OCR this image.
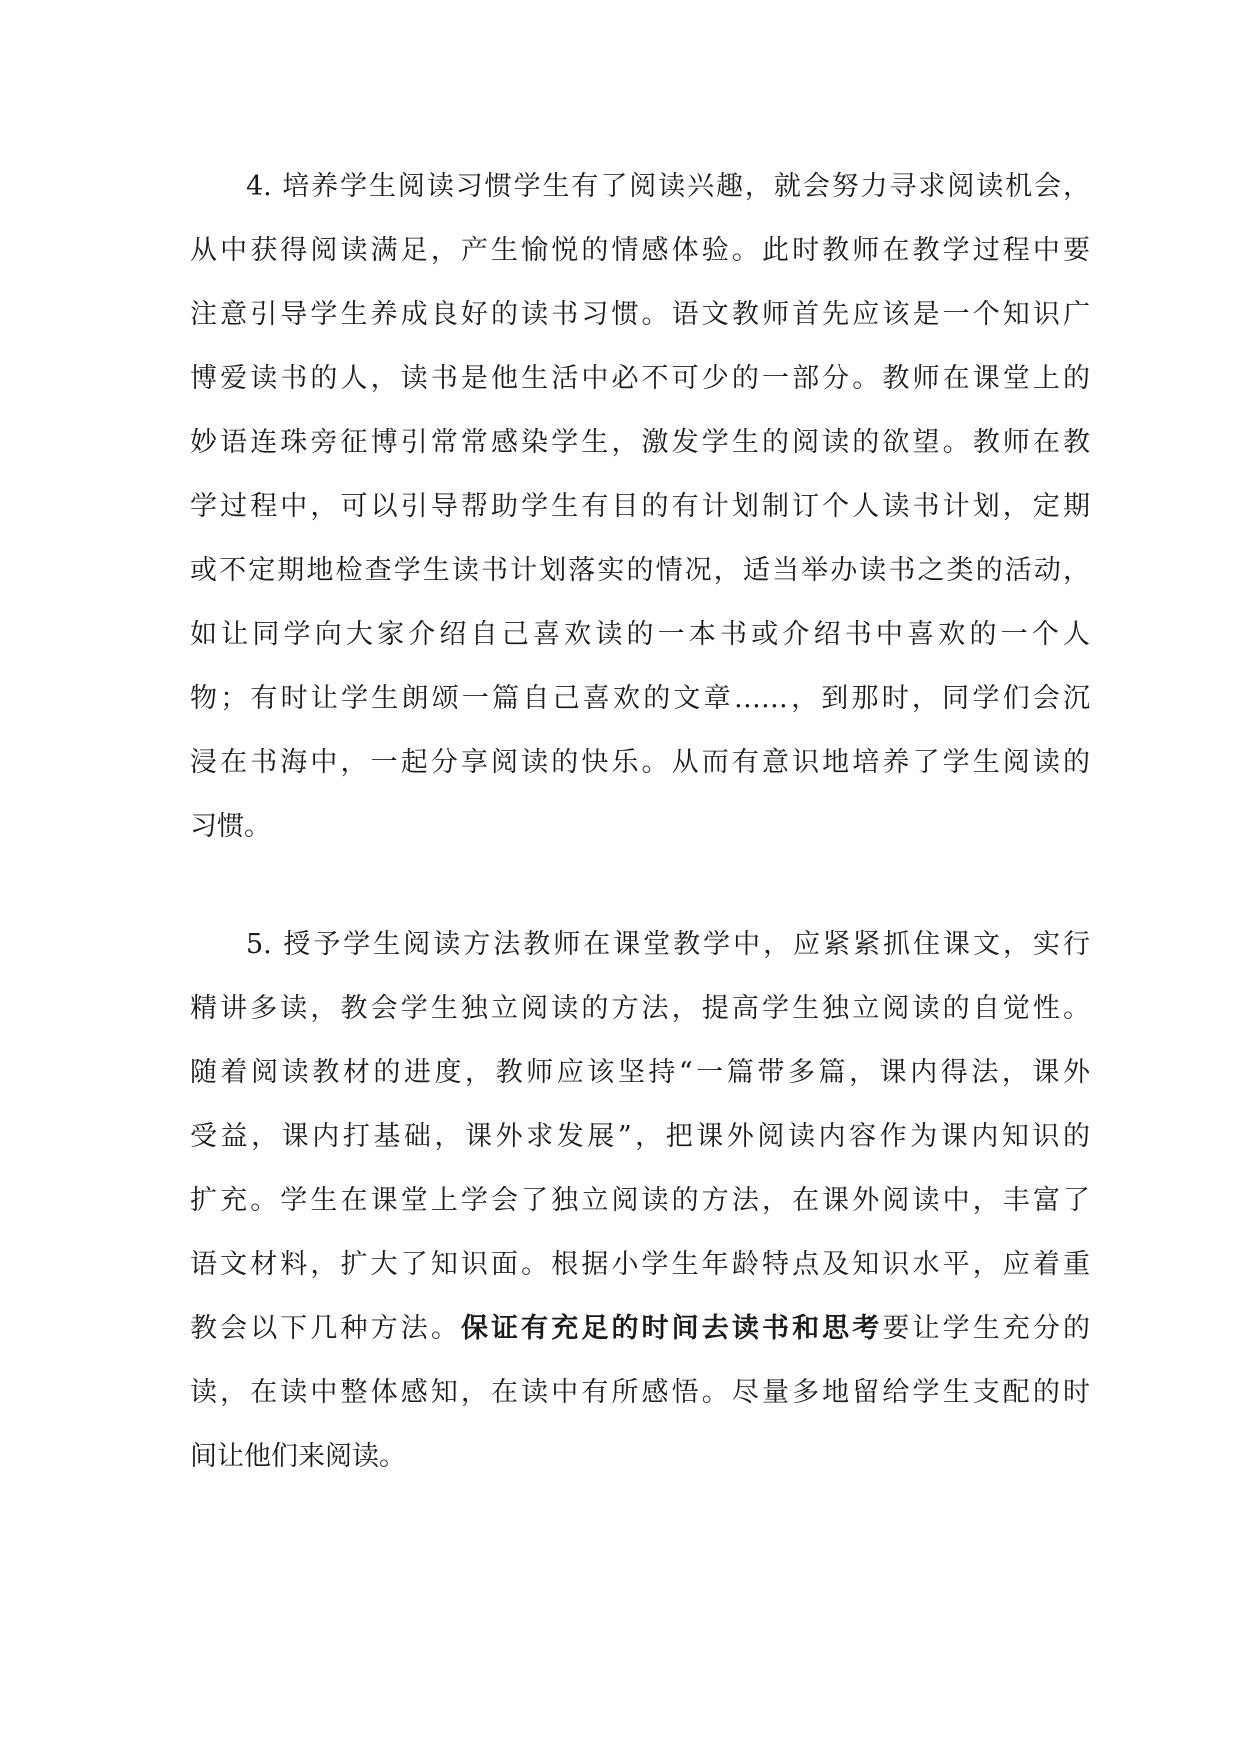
4. 培养学生阅读习惯学生有了阅读兴趣，就会努力寻求阅读机会，
从中获得阅读满足，产生愉悦的情感体验。此时教师在教学过程中要
注意引导学生养成良好的读书习惯。语文教师首先应该是一个知识广
博爱读书的人，读书是他生活中必不可少的一部分。教师在课堂上的
妙语连珠旁征博引常常感染学生，激发学生的阅读的欲望。教师在教
学过程中，可以引导帮助学生有目的有计划制订个人读书计划，定期
或不定期地检查学生读书计划落实的情况，适当举办读书之类的活动，
如让同学向大家介绍自己喜欢读的一本书或介绍书中喜欢的一个人
物；有时让学生朗颂一篇自己喜欢的文章……，到那时，同学们会沉
浸在书海中，一起分享阅读的快乐。从而有意识地培养了学生阅读的
习惯。
5. 授予学生阅读方法教师在课堂教学中，应紧紧抓住课文，实行
精讲多读，教会学生独立阅读的方法，提高学生独立阅读的自觉性。
随着阅读教材的进度，教师应该坚持“一篇带多篇，课内得法，课外
受益，课内打基础，课外求发展”，把课外阅读内容作为课内知识的
扩充。学生在课堂上学会了独立阅读的方法，在课外阅读中，丰富了
语文材料，扩大了知识面。根据小学生年龄特点及知识水平，应着重
教会以下几种方法。保证有充足的时间去读书和思考要让学生充分的
读，在读中整体感知，在读中有所感悟。尽量多地留给学生支配的时
间让他们来阅读。
